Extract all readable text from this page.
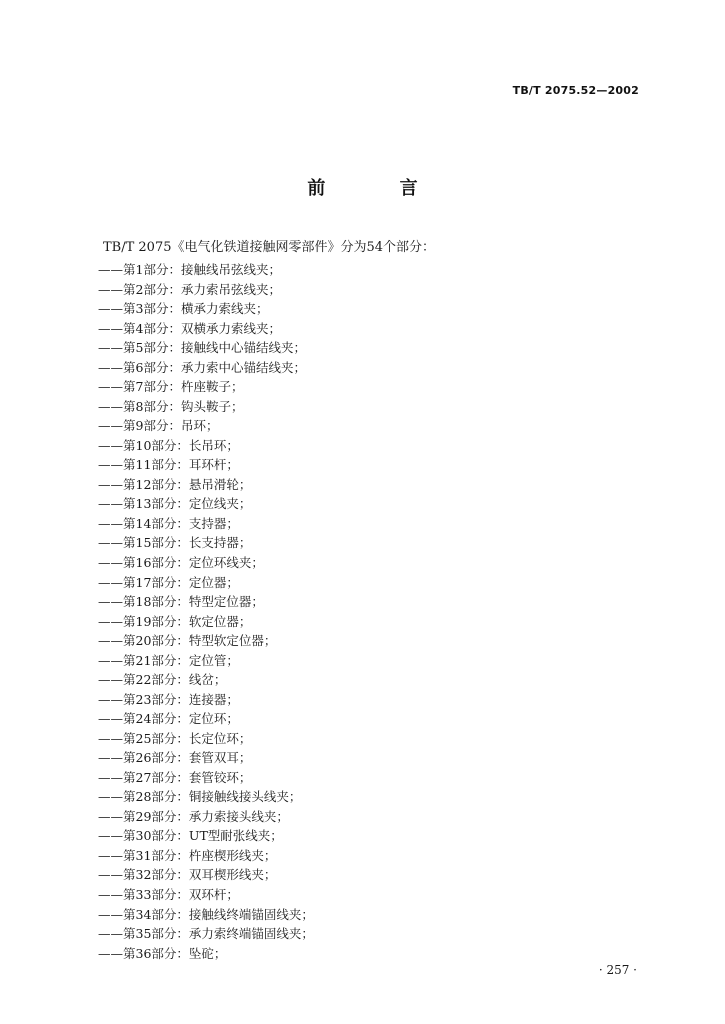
TB/T 2075.52—2002
前 言
TB/T 2075《电气化铁道接触网零部件》分为54个部分：
——第1部分：接触线吊弦线夹；
——第2部分：承力索吊弦线夹；
——第3部分：横承力索线夹；
——第4部分：双横承力索线夹；
——第5部分：接触线中心锚结线夹；
——第6部分：承力索中心锚结线夹；
——第7部分：杵座鞍子；
——第8部分：钩头鞍子；
——第9部分：吊环；
——第10部分：长吊环；
——第11部分：耳环杆；
——第12部分：悬吊滑轮；
——第13部分：定位线夹；
——第14部分：支持器；
——第15部分：长支持器；
——第16部分：定位环线夹；
——第17部分：定位器；
——第18部分：特型定位器；
——第19部分：软定位器；
——第20部分：特型软定位器；
——第21部分：定位管；
——第22部分：线岔；
——第23部分：连接器；
——第24部分：定位环；
——第25部分：长定位环；
——第26部分：套管双耳；
——第27部分：套管铰环；
——第28部分：铜接触线接头线夹；
——第29部分：承力索接头线夹；
——第30部分：UT型耐张线夹；
——第31部分：杵座楔形线夹；
——第32部分：双耳楔形线夹；
——第33部分：双环杆；
——第34部分：接触线终端锚固线夹；
——第35部分：承力索终端锚固线夹；
——第36部分：坠砣；
· 257 ·
